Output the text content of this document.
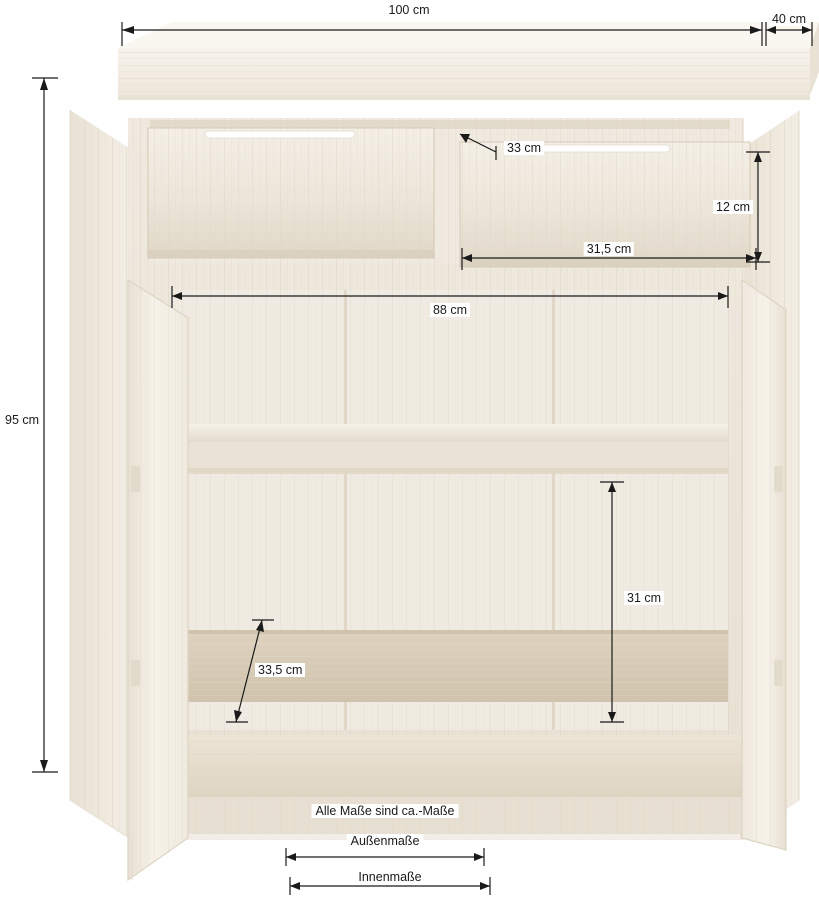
100 cm
40 cm
95 cm
33 cm
12 cm
31,5 cm
88 cm
31 cm
33,5 cm
Alle Maße sind ca.-Maße
Außenmaße
Innenmaße
